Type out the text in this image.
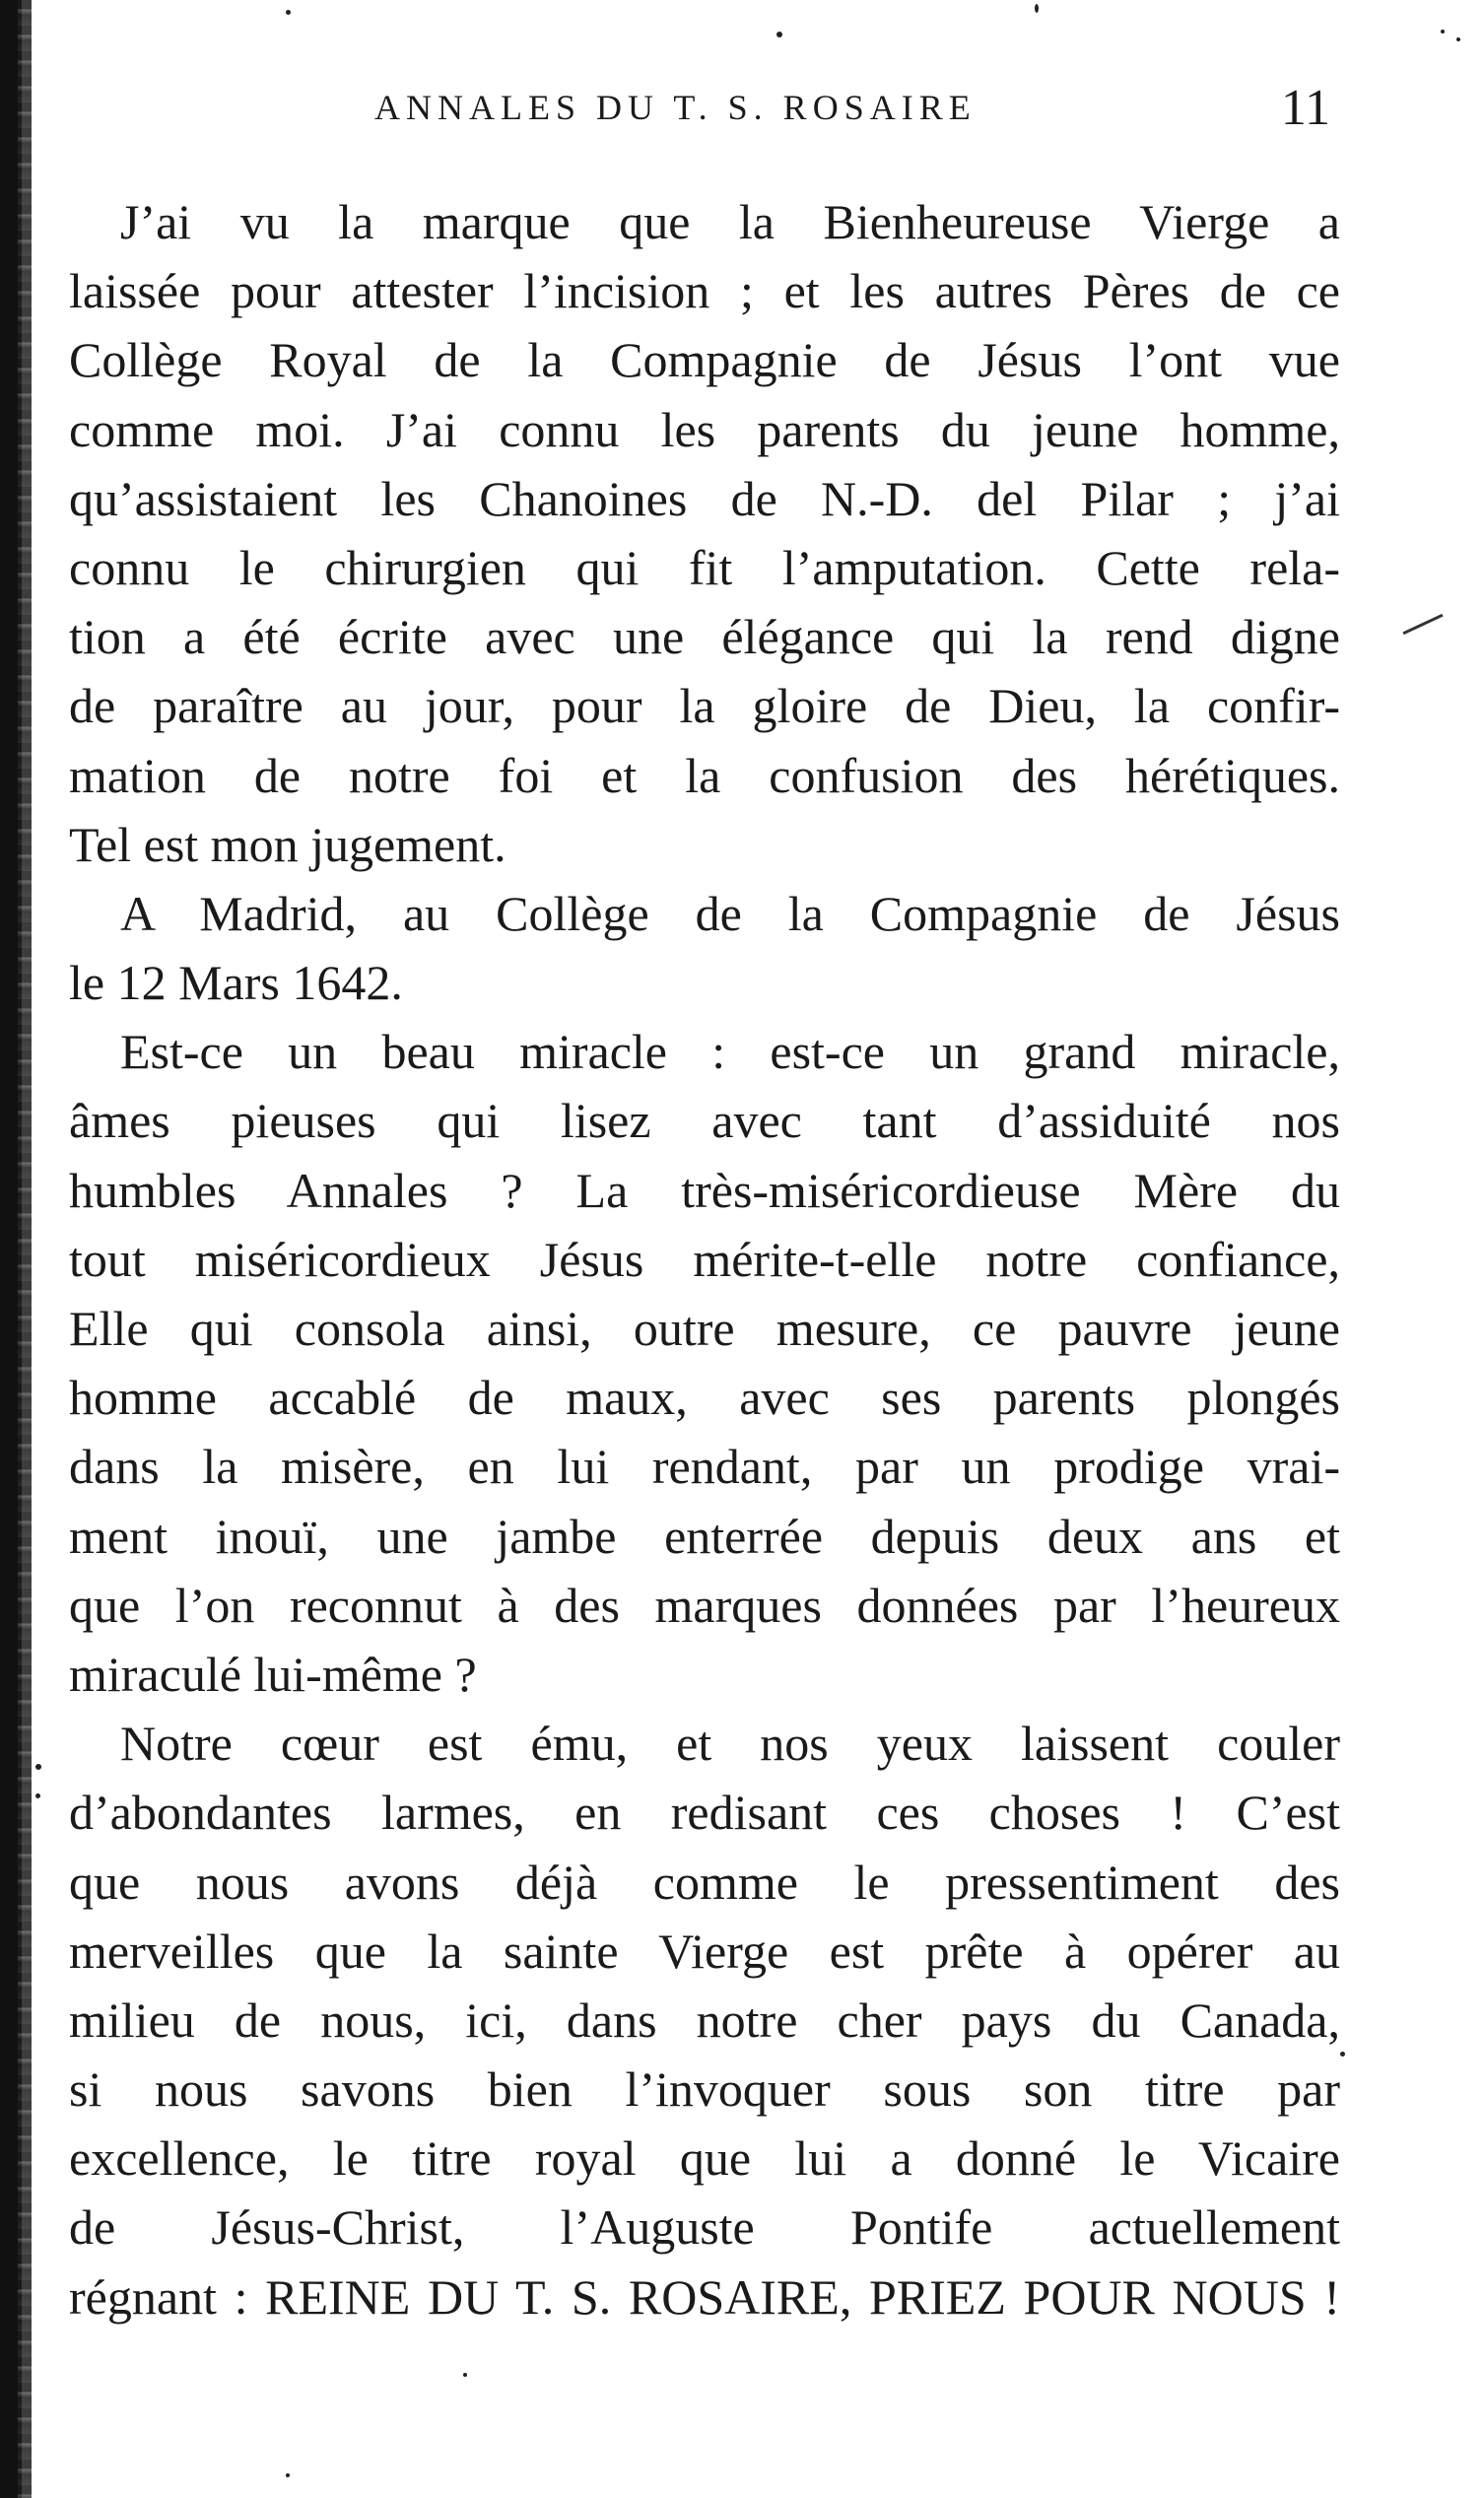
ANNALES DU T. S. ROSAIRE	11
J’ai vu la marque que la Bienheureuse Vierge a
laissée pour attester l’incision ; et les autres Pères de ce
Collège Royal de la Compagnie de Jésus l’ont vue
comme moi. J’ai connu les parents du jeune homme,
qu’assistaient les Chanoines de N.-D. del Pilar ; j’ai
connu le chirurgien qui fit l’amputation. Cette rela-
tion a été écrite avec une élégance qui la rend digne
de paraître au jour, pour la gloire de Dieu, la confir-
mation de notre foi et la confusion des hérétiques.
Tel est mon jugement.
A Madrid, au Collège de la Compagnie de Jésus
le 12 Mars 1642.
Est-ce un beau miracle : est-ce un grand miracle,
âmes pieuses qui lisez avec tant d’assiduité nos
humbles Annales ? La très-miséricordieuse Mère du
tout miséricordieux Jésus mérite-t-elle notre confiance,
Elle qui consola ainsi, outre mesure, ce pauvre jeune
homme accablé de maux, avec ses parents plongés
dans la misère, en lui rendant, par un prodige vrai-
ment inouï, une jambe enterrée depuis deux ans et
que l’on reconnut à des marques données par l’heureux
miraculé lui-même ?
Notre cœur est ému, et nos yeux laissent couler
d’abondantes larmes, en redisant ces choses ! C’est
que nous avons déjà comme le pressentiment des
merveilles que la sainte Vierge est prête à opérer au
milieu de nous, ici, dans notre cher pays du Canada,
si nous savons bien l’invoquer sous son titre par
excellence, le titre royal que lui a donné le Vicaire
de Jésus-Christ, l’Auguste Pontife actuellement
régnant : REINE DU T. S. ROSAIRE, PRIEZ POUR NOUS !
